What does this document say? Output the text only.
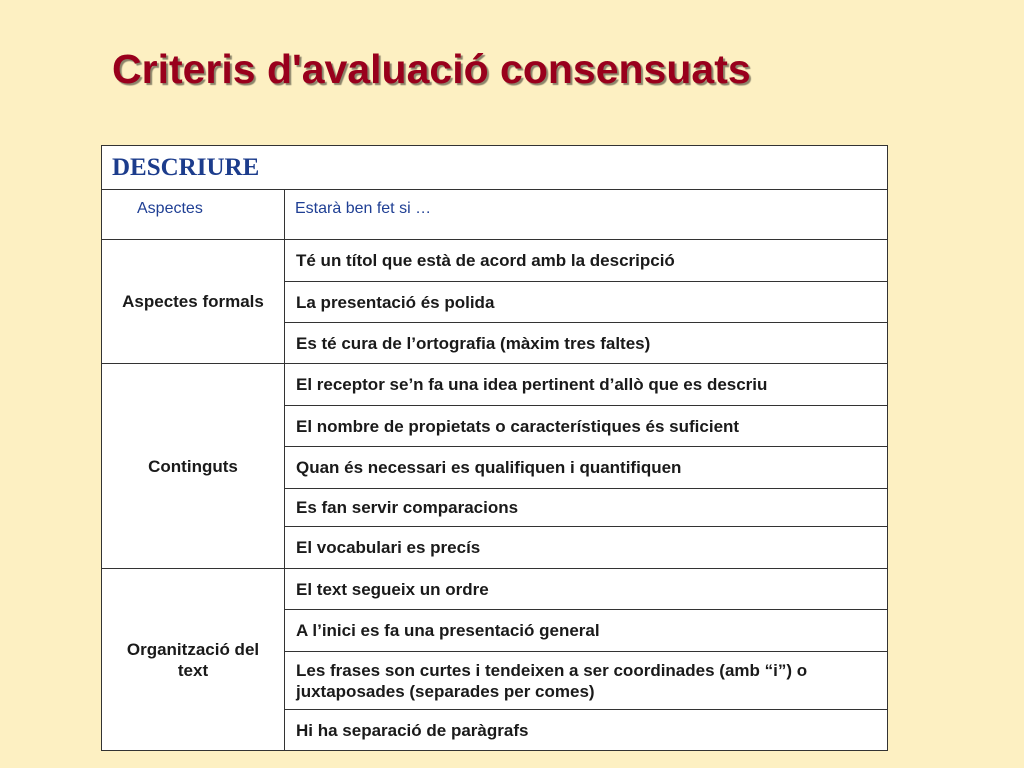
Criteris d'avaluació consensuats
DESCRIURE	
Aspectes	Estarà ben fet si …
Aspectes formals	Té un títol que està de acord amb la descripció
	La presentació és polida
	Es té cura de l’ortografia (màxim tres faltes)
Continguts	El receptor se’n fa una idea pertinent d’allò que es descriu
	El nombre de propietats o característiques és suficient
	Quan és necessari es qualifiquen i quantifiquen
	Es fan servir comparacions
	El vocabulari es precís
Organització del text	El text segueix un ordre
	A l’inici es fa una presentació general
	Les frases son curtes i tendeixen a ser coordinades (amb “i”) o juxtaposades (separades per comes)
	Hi ha separació de paràgrafs
